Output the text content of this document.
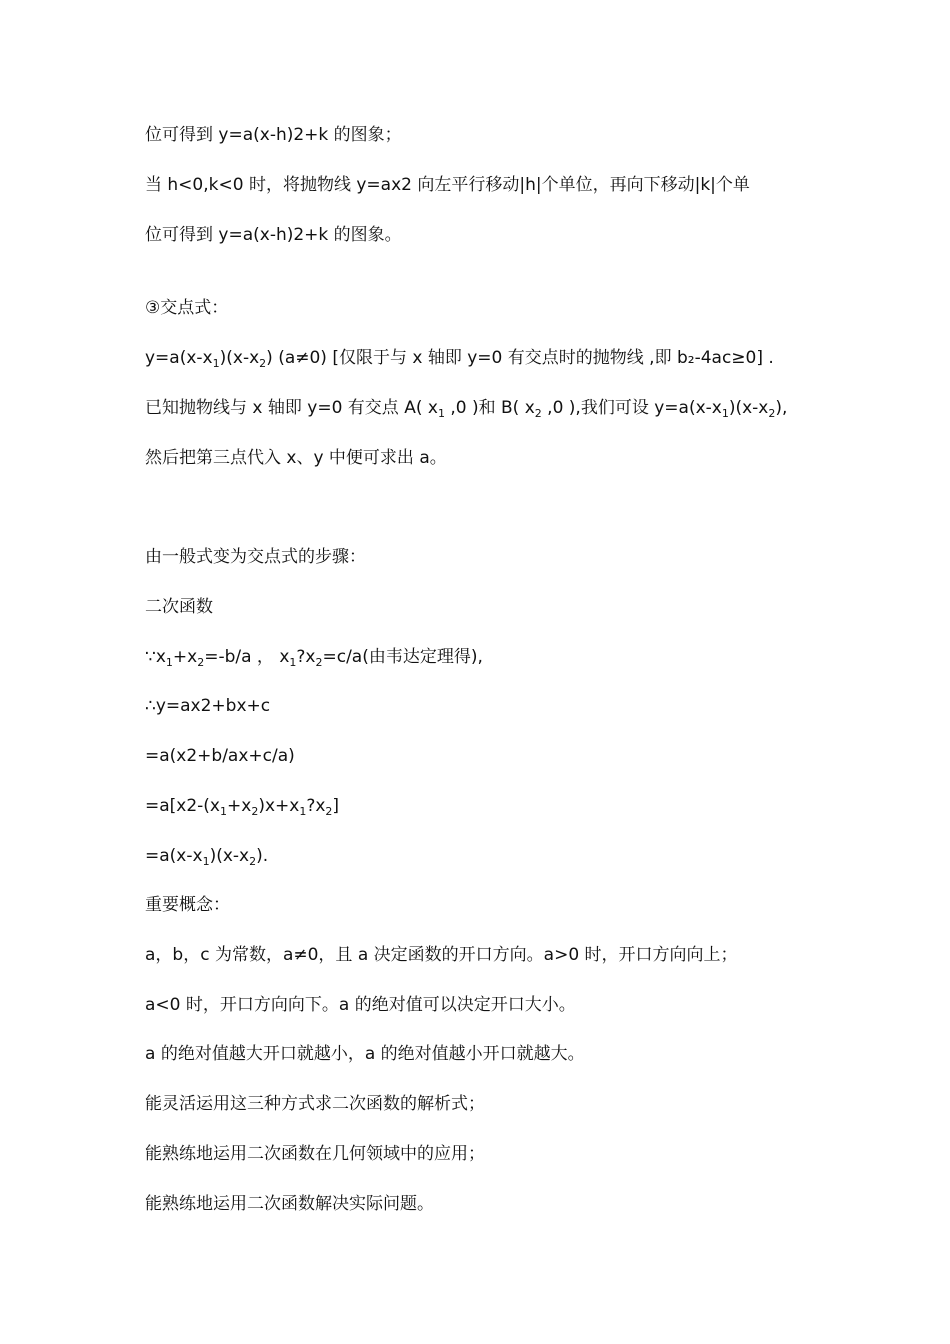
位可得到 y=a(x-h)2+k 的图象；
当 h<0,k<0 时，将抛物线 y=ax2 向左平行移动|h|个单位，再向下移动|k|个单
位可得到 y=a(x-h)2+k 的图象。
③交点式：
$y=a(x-x_1)(x-x_2)$ (a≠0) [仅限于与 x 轴即 y=0 有交点时的抛物线 ,即 b₂-4ac≥0] .
已知抛物线与 x 轴即 y=0 有交点 A( $x_1$ ,0 )和 B( $x_2$ ,0 ),我们可设 $y=a(x-x_1)(x-x_2)$,
然后把第三点代入 x、y 中便可求出 a。
由一般式变为交点式的步骤：
二次函数
$\because x_1+x_2=-b/a$ ， $x_1?x_2=c/a$(由韦达定理得),
∴y=ax2+bx+c
=a(x2+b/ax+c/a)
$=a[x2-(x_1+x_2)x+x_1?x_2]$
$=a(x-x_1)(x-x_2)$.
重要概念：
a，b，c 为常数，a≠0，且 a 决定函数的开口方向。a>0 时，开口方向向上；
a<0 时，开口方向向下。a 的绝对值可以决定开口大小。
a 的绝对值越大开口就越小，a 的绝对值越小开口就越大。
能灵活运用这三种方式求二次函数的解析式；
能熟练地运用二次函数在几何领域中的应用；
能熟练地运用二次函数解决实际问题。
